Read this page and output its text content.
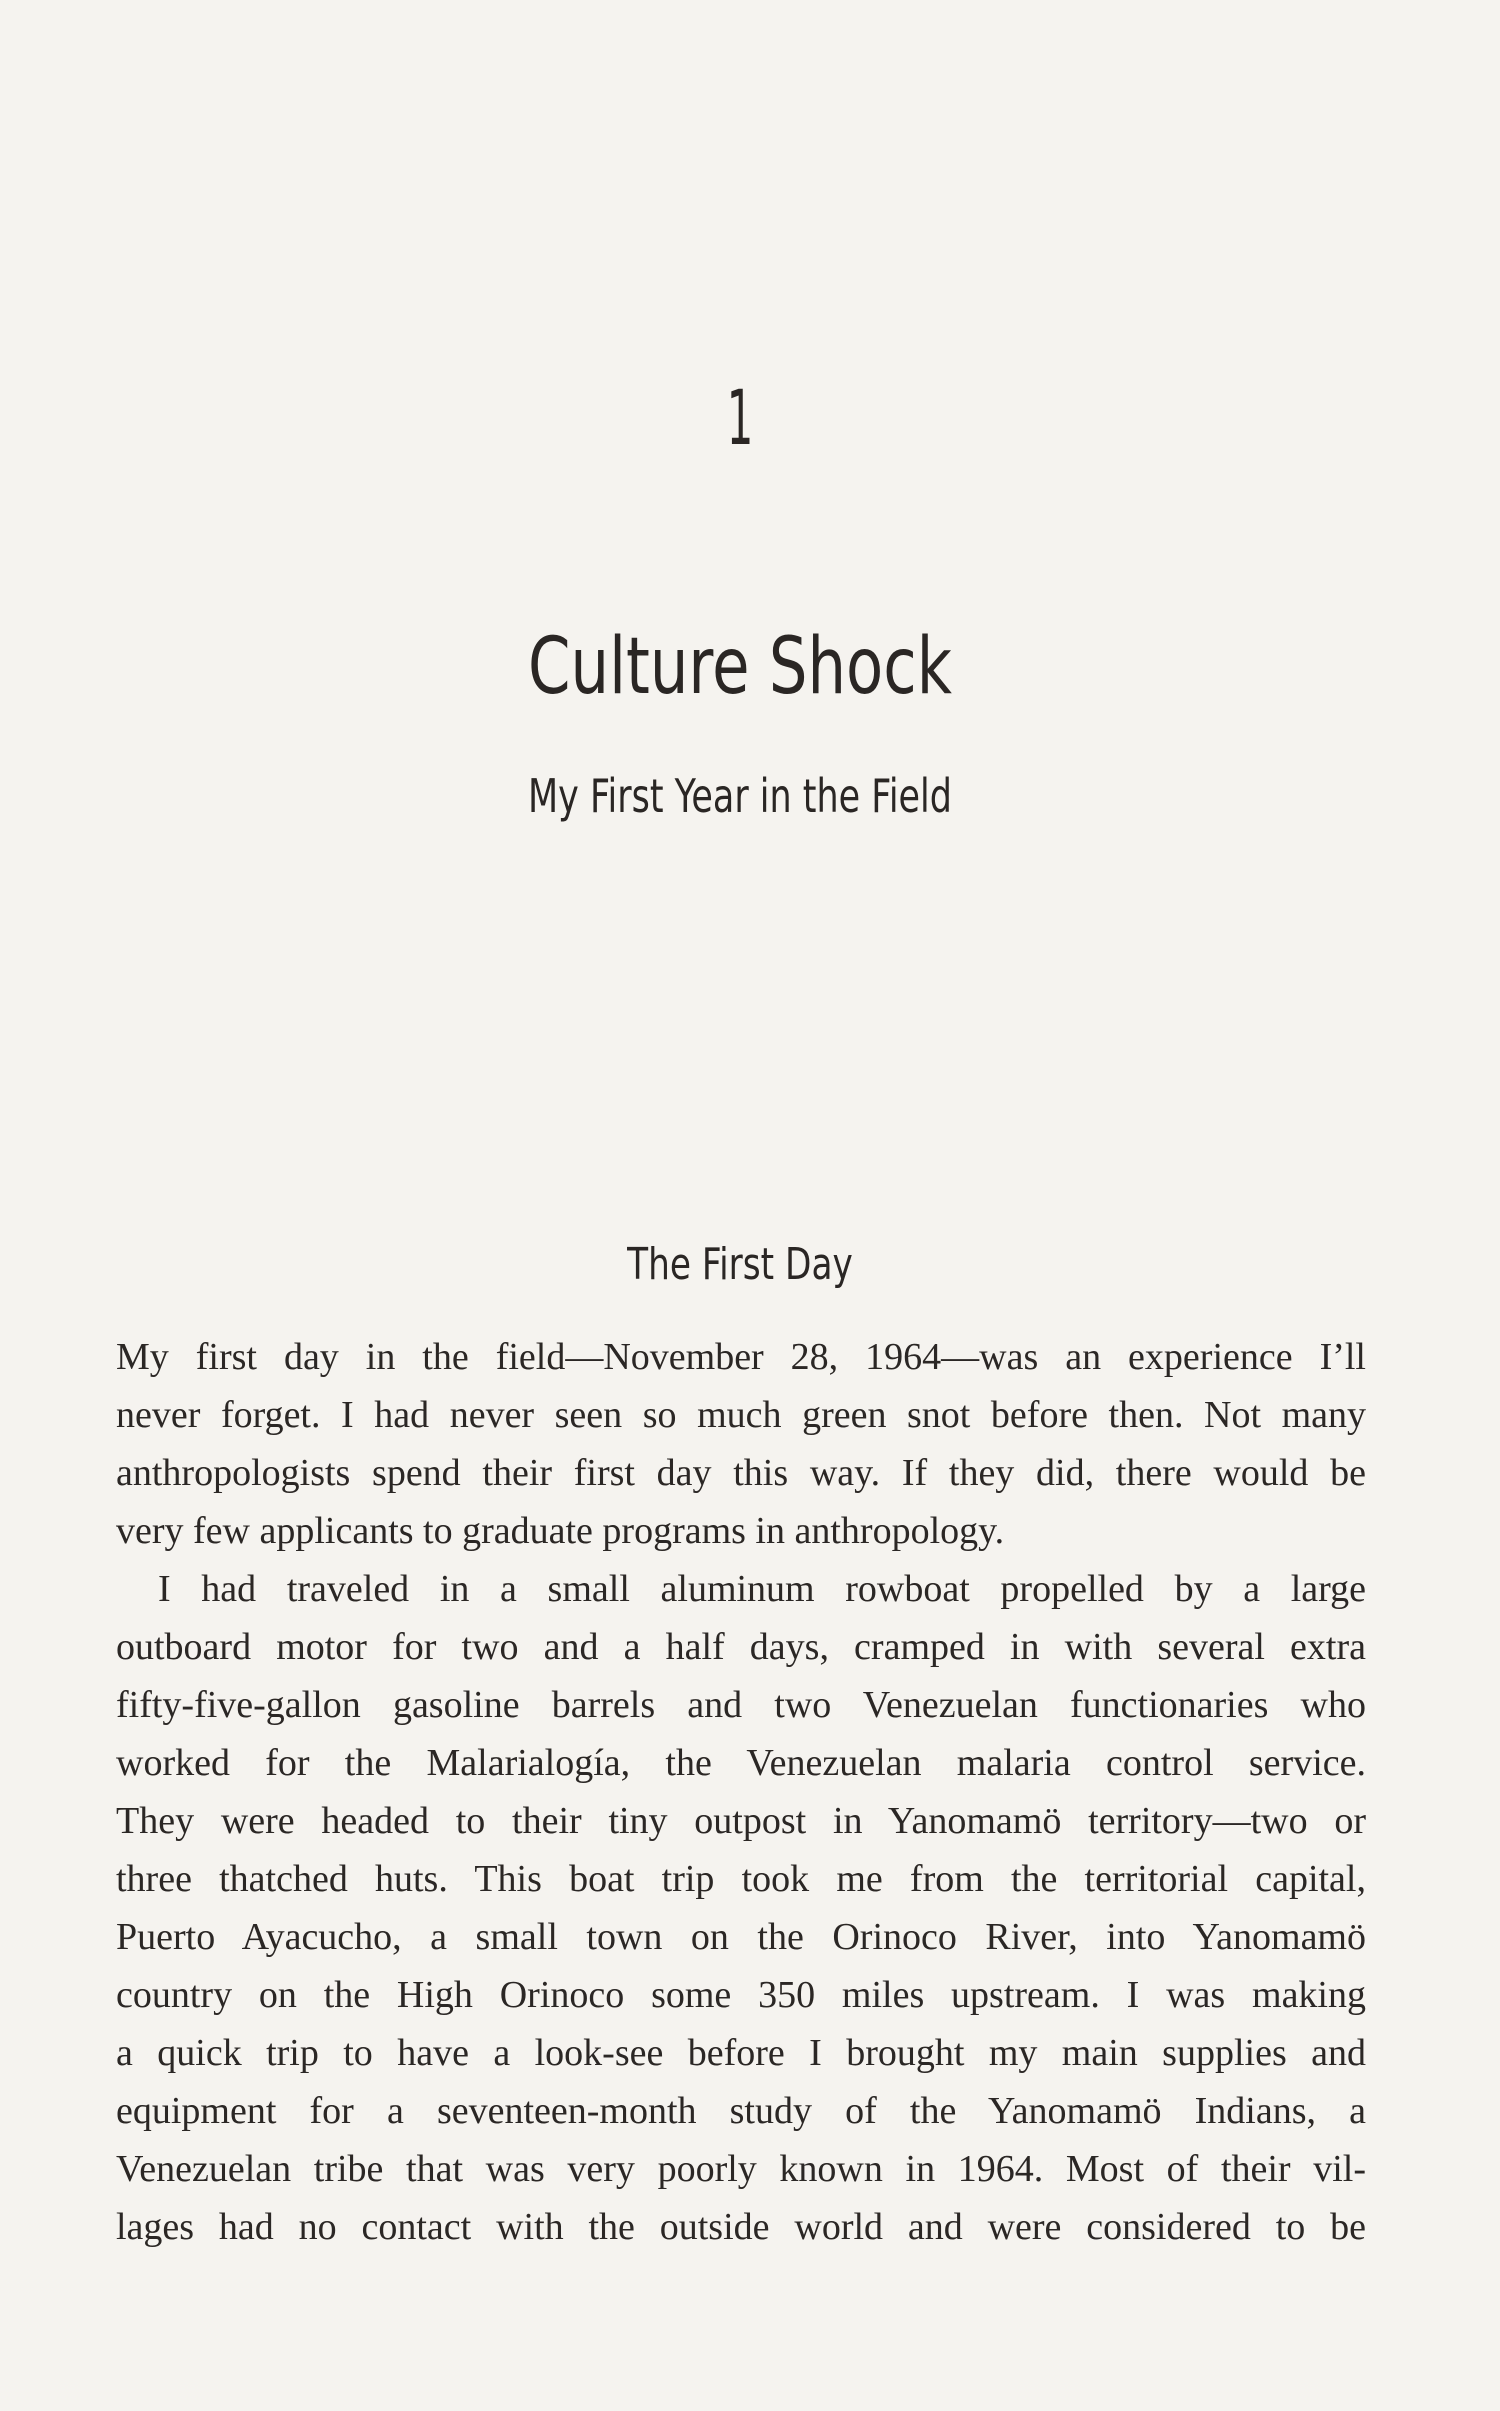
1
Culture Shock
My First Year in the Field
The First Day
My first day in the field—November 28, 1964—was an experience I’ll
never forget. I had never seen so much green snot before then. Not many
anthropologists spend their first day this way. If they did, there would be
very few applicants to graduate programs in anthropology.
I had traveled in a small aluminum rowboat propelled by a large
outboard motor for two and a half days, cramped in with several extra
fifty-five-gallon gasoline barrels and two Venezuelan functionaries who
worked for the Malarialogía, the Venezuelan malaria control service.
They were headed to their tiny outpost in Yanomamö territory—two or
three thatched huts. This boat trip took me from the territorial capital,
Puerto Ayacucho, a small town on the Orinoco River, into Yanomamö
country on the High Orinoco some 350 miles upstream. I was making
a quick trip to have a look-see before I brought my main supplies and
equipment for a seventeen-month study of the Yanomamö Indians, a
Venezuelan tribe that was very poorly known in 1964. Most of their vil-
lages had no contact with the outside world and were considered to be
